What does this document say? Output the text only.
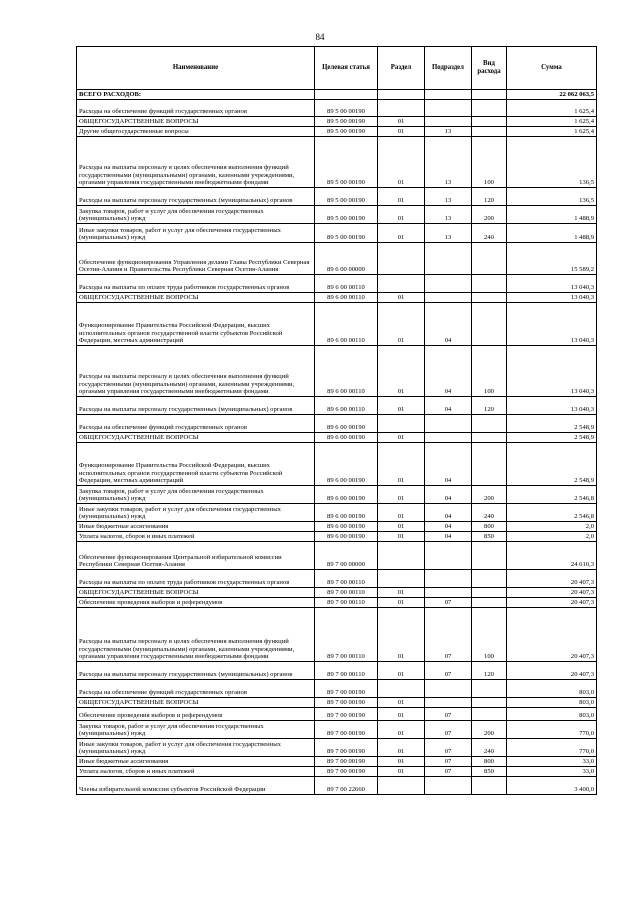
84
Наименование	Целевая статья	Раздел	Подраздел	Вид расхода	Сумма
ВСЕГО РАСХОДОВ:					22 062 063,5
Расходы на обеспечение функций государственных органов	89 5 00 00190				1 625,4
ОБЩЕГОСУДАРСТВЕННЫЕ ВОПРОСЫ	89 5 00 00190	01			1 625,4
Другие общегосударственные вопросы	89 5 00 00190	01	13		1 625,4
Расходы на выплаты персоналу в целях обеспечения выполнения функций государственными (муниципальными) органами, казенными учреждениями, органами управления государственными внебюджетными фондами	89 5 00 00190	01	13	100	136,5
Расходы на выплаты персоналу государственных (муниципальных) органов	89 5 00 00190	01	13	120	136,5
Закупка товаров, работ и услуг для обеспечения государственных (муниципальных) нужд	89 5 00 00190	01	13	200	1 488,9
Иные закупки товаров, работ и услуг для обеспечения государственных (муниципальных) нужд	89 5 00 00190	01	13	240	1 488,9
Обеспечение функционирования Управления делами Главы Республики Северная Осетия-Алания и Правительства Республики Северная Осетия-Алания	89 6 00 00000				15 589,2
Расходы на выплаты по оплате труда работников государственных органов	89 6 00 00110				13 040,3
ОБЩЕГОСУДАРСТВЕННЫЕ ВОПРОСЫ	89 6 00 00110	01			13 040,3
Функционирование Правительства Российской Федерации, высших исполнительных органов государственной власти субъектов Российской Федерации, местных администраций	89 6 00 00110	01	04		13 040,3
Расходы на выплаты персоналу в целях обеспечения выполнения функций государственными (муниципальными) органами, казенными учреждениями, органами управления государственными внебюджетными фондами	89 6 00 00110	01	04	100	13 040,3
Расходы на выплаты персоналу государственных (муниципальных) органов	89 6 00 00110	01	04	120	13 040,3
Расходы на обеспечение функций государственных органов	89 6 00 00190				2 548,9
ОБЩЕГОСУДАРСТВЕННЫЕ ВОПРОСЫ	89 6 00 00190	01			2 548,9
Функционирование Правительства Российской Федерации, высших исполнительных органов государственной власти субъектов Российской Федерации, местных администраций	89 6 00 00190	01	04		2 548,9
Закупка товаров, работ и услуг для обеспечения государственных (муниципальных) нужд	89 6 00 00190	01	04	200	2 546,8
Иные закупки товаров, работ и услуг для обеспечения государственных (муниципальных) нужд	89 6 00 00190	01	04	240	2 546,8
Иные бюджетные ассигнования	89 6 00 00190	01	04	800	2,0
Уплата налогов, сборов и иных платежей	89 6 00 00190	01	04	850	2,0
Обеспечение функционирования Центральной избирательной комиссии Республики Северная Осетия-Алания	89 7 00 00000				24 610,3
Расходы на выплаты по оплате труда работников государственных органов	89 7 00 00110				20 407,3
ОБЩЕГОСУДАРСТВЕННЫЕ ВОПРОСЫ	89 7 00 00110	01			20 407,3
Обеспечение проведения выборов и референдумов	89 7 00 00110	01	07		20 407,3
Расходы на выплаты персоналу в целях обеспечения выполнения функций государственными (муниципальными) органами, казенными учреждениями, органами управления государственными внебюджетными фондами	89 7 00 00110	01	07	100	20 407,3
Расходы на выплаты персоналу государственных (муниципальных) органов	89 7 00 00110	01	07	120	20 407,3
Расходы на обеспечение функций государственных органов	89 7 00 00190				803,0
ОБЩЕГОСУДАРСТВЕННЫЕ ВОПРОСЫ	89 7 00 00190	01			803,0
Обеспечение проведения выборов и референдумов	89 7 00 00190	01	07		803,0
Закупка товаров, работ и услуг для обеспечения государственных (муниципальных) нужд	89 7 00 00190	01	07	200	770,0
Иные закупки товаров, работ и услуг для обеспечения государственных (муниципальных) нужд	89 7 00 00190	01	07	240	770,0
Иные бюджетные ассигнования	89 7 00 00190	01	07	800	33,0
Уплата налогов, сборов и иных платежей	89 7 00 00190	01	07	850	33,0
Члены избирательной комиссии субъектов Российской Федерации	89 7 00 22660				3 400,0
